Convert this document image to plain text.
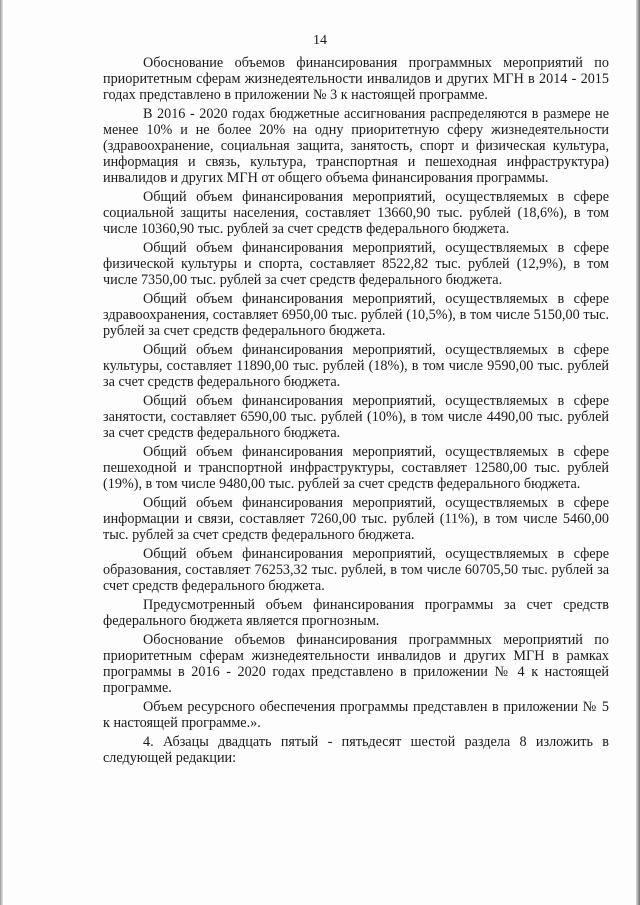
14

Обоснование объемов финансирования программных мероприятий по приоритетным сферам жизнедеятельности инвалидов и других МГН в 2014 - 2015 годах представлено в приложении № 3 к настоящей программе.

В 2016 - 2020 годах бюджетные ассигнования распределяются в размере не менее 10% и не более 20% на одну приоритетную сферу жизнедеятельности (здравоохранение, социальная защита, занятость, спорт и физическая культура, информация и связь, культура, транспортная и пешеходная инфраструктура) инвалидов и других МГН от общего объема финансирования программы.

Общий объем финансирования мероприятий, осуществляемых в сфере социальной защиты населения, составляет 13660,90 тыс. рублей (18,6%), в том числе 10360,90 тыс. рублей за счет средств федерального бюджета.

Общий объем финансирования мероприятий, осуществляемых в сфере физической культуры и спорта, составляет 8522,82 тыс. рублей (12,9%), в том числе 7350,00 тыс. рублей за счет средств федерального бюджета.

Общий объем финансирования мероприятий, осуществляемых в сфере здравоохранения, составляет 6950,00 тыс. рублей (10,5%), в том числе 5150,00 тыс. рублей за счет средств федерального бюджета.

Общий объем финансирования мероприятий, осуществляемых в сфере культуры, составляет 11890,00 тыс. рублей (18%), в том числе 9590,00 тыс. рублей за счет средств федерального бюджета.

Общий объем финансирования мероприятий, осуществляемых в сфере занятости, составляет 6590,00 тыс. рублей (10%), в том числе 4490,00 тыс. рублей за счет средств федерального бюджета.

Общий объем финансирования мероприятий, осуществляемых в сфере пешеходной и транспортной инфраструктуры, составляет 12580,00 тыс. рублей (19%), в том числе 9480,00 тыс. рублей за счет средств федерального бюджета.

Общий объем финансирования мероприятий, осуществляемых в сфере информации и связи, составляет 7260,00 тыс. рублей (11%), в том числе 5460,00 тыс. рублей за счет средств федерального бюджета.

Общий объем финансирования мероприятий, осуществляемых в сфере образования, составляет 76253,32 тыс. рублей, в том числе 60705,50 тыс. рублей за счет средств федерального бюджета.

Предусмотренный объем финансирования программы за счет средств федерального бюджета является прогнозным.

Обоснование объемов финансирования программных мероприятий по приоритетным сферам жизнедеятельности инвалидов и других МГН в рамках программы в 2016 - 2020 годах представлено в приложении № 4 к настоящей программе.

Объем ресурсного обеспечения программы представлен в приложении № 5 к настоящей программе.».

4. Абзацы двадцать пятый - пятьдесят шестой раздела 8 изложить в следующей редакции:
